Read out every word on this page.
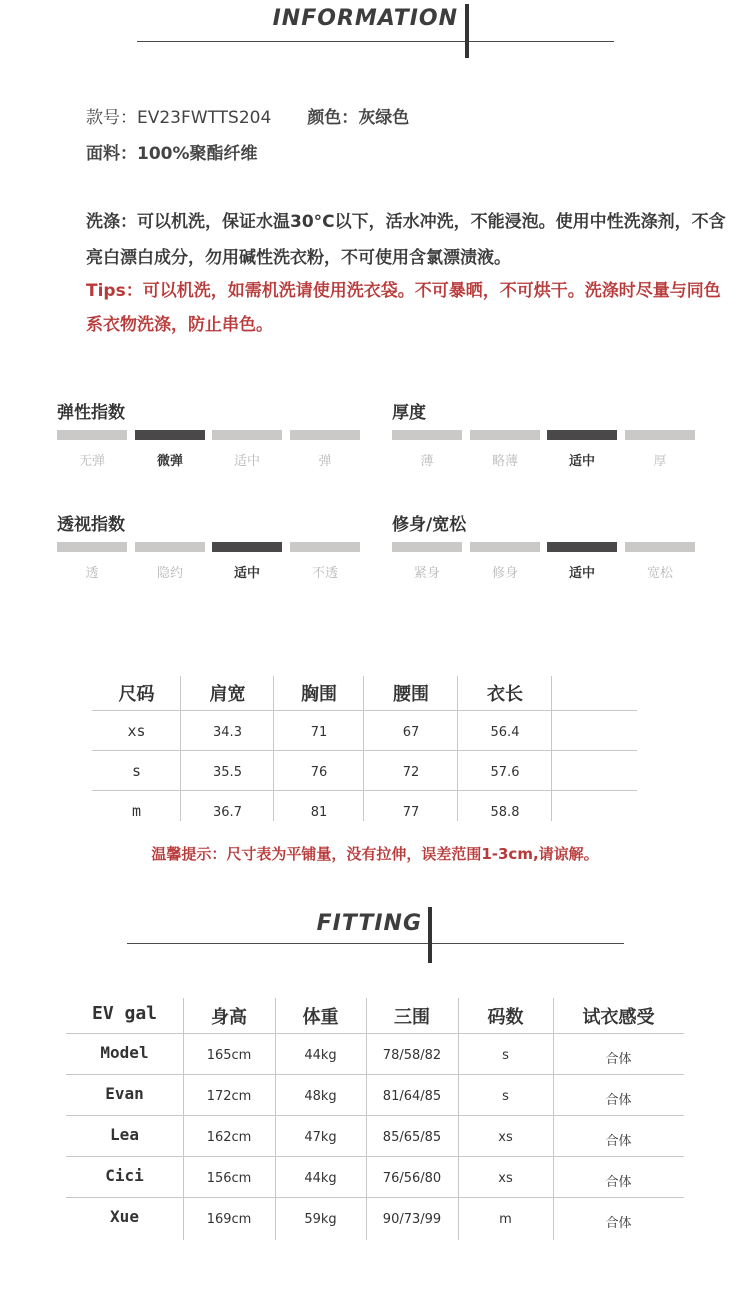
INFORMATION
款号：EV23FWTTS204 颜色：灰绿色
面料：100%聚酯纤维
洗涤：可以机洗，保证水温30°C以下，活水冲洗，不能浸泡。使用中性洗涤剂，不含亮白漂白成分，勿用碱性洗衣粉，不可使用含氯漂渍液。
Tips：可以机洗，如需机洗请使用洗衣袋。不可暴晒，不可烘干。洗涤时尽量与同色系衣物洗涤，防止串色。
弹性指数
无弹	微弹	适中	弹
厚度
薄	略薄	适中	厚
透视指数
透	隐约	适中	不透
修身/宽松
紧身	修身	适中	宽松
尺码	肩宽	胸围	腰围	衣长
xs	34.3	71	67	56.4
s	35.5	76	72	57.6
m	36.7	81	77	58.8
温馨提示：尺寸表为平铺量，没有拉伸，误差范围1-3cm,请谅解。
FITTING
EV gal	身高	体重	三围	码数	试衣感受
Model	165cm	44kg	78/58/82	s	合体
Evan	172cm	48kg	81/64/85	s	合体
Lea	162cm	47kg	85/65/85	xs	合体
Cici	156cm	44kg	76/56/80	xs	合体
Xue	169cm	59kg	90/73/99	m	合体
